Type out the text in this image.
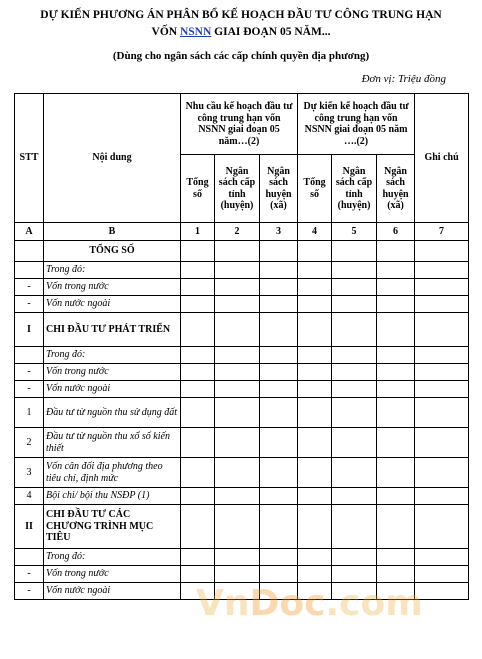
DỰ KIẾN PHƯƠNG ÁN PHÂN BỔ KẾ HOẠCH ĐẦU TƯ CÔNG TRUNG HẠN
VỐN NSNN GIAI ĐOẠN 05 NĂM...
(Dùng cho ngân sách các cấp chính quyền địa phương)
Đơn vị: Triệu đồng
STT	Nội dung	Nhu cầu kế hoạch đầu tư công trung hạn vốn NSNN giai đoạn 05 năm…(2)			Dự kiến kế hoạch đầu tư công trung hạn vốn NSNN giai đoạn 05 năm ….(2)			Ghi chú
		Tổng số	Ngân sách cấp tỉnh (huyện)	Ngân sách huyện (xã)	Tổng số	Ngân sách cấp tỉnh (huyện)	Ngân sách huyện (xã)	
A	B	1	2	3	4	5	6	7
	TỔNG SỐ							
	Trong đó:							
-	Vốn trong nước							
-	Vốn nước ngoài							
I	CHI ĐẦU TƯ PHÁT TRIỂN							
	Trong đó:							
-	Vốn trong nước							
-	Vốn nước ngoài							
1	Đầu tư từ nguồn thu sử dụng đất							
2	Đầu tư từ nguồn thu xổ số kiến thiết							
3	Vốn cân đối địa phương theo tiêu chí, định mức							
4	Bội chi/ bội thu NSĐP (1)							
II	CHI ĐẦU TƯ CÁC CHƯƠNG TRÌNH MỤC TIÊU							
	Trong đó:							
-	Vốn trong nước							
-	Vốn nước ngoài							VnDoc.com
